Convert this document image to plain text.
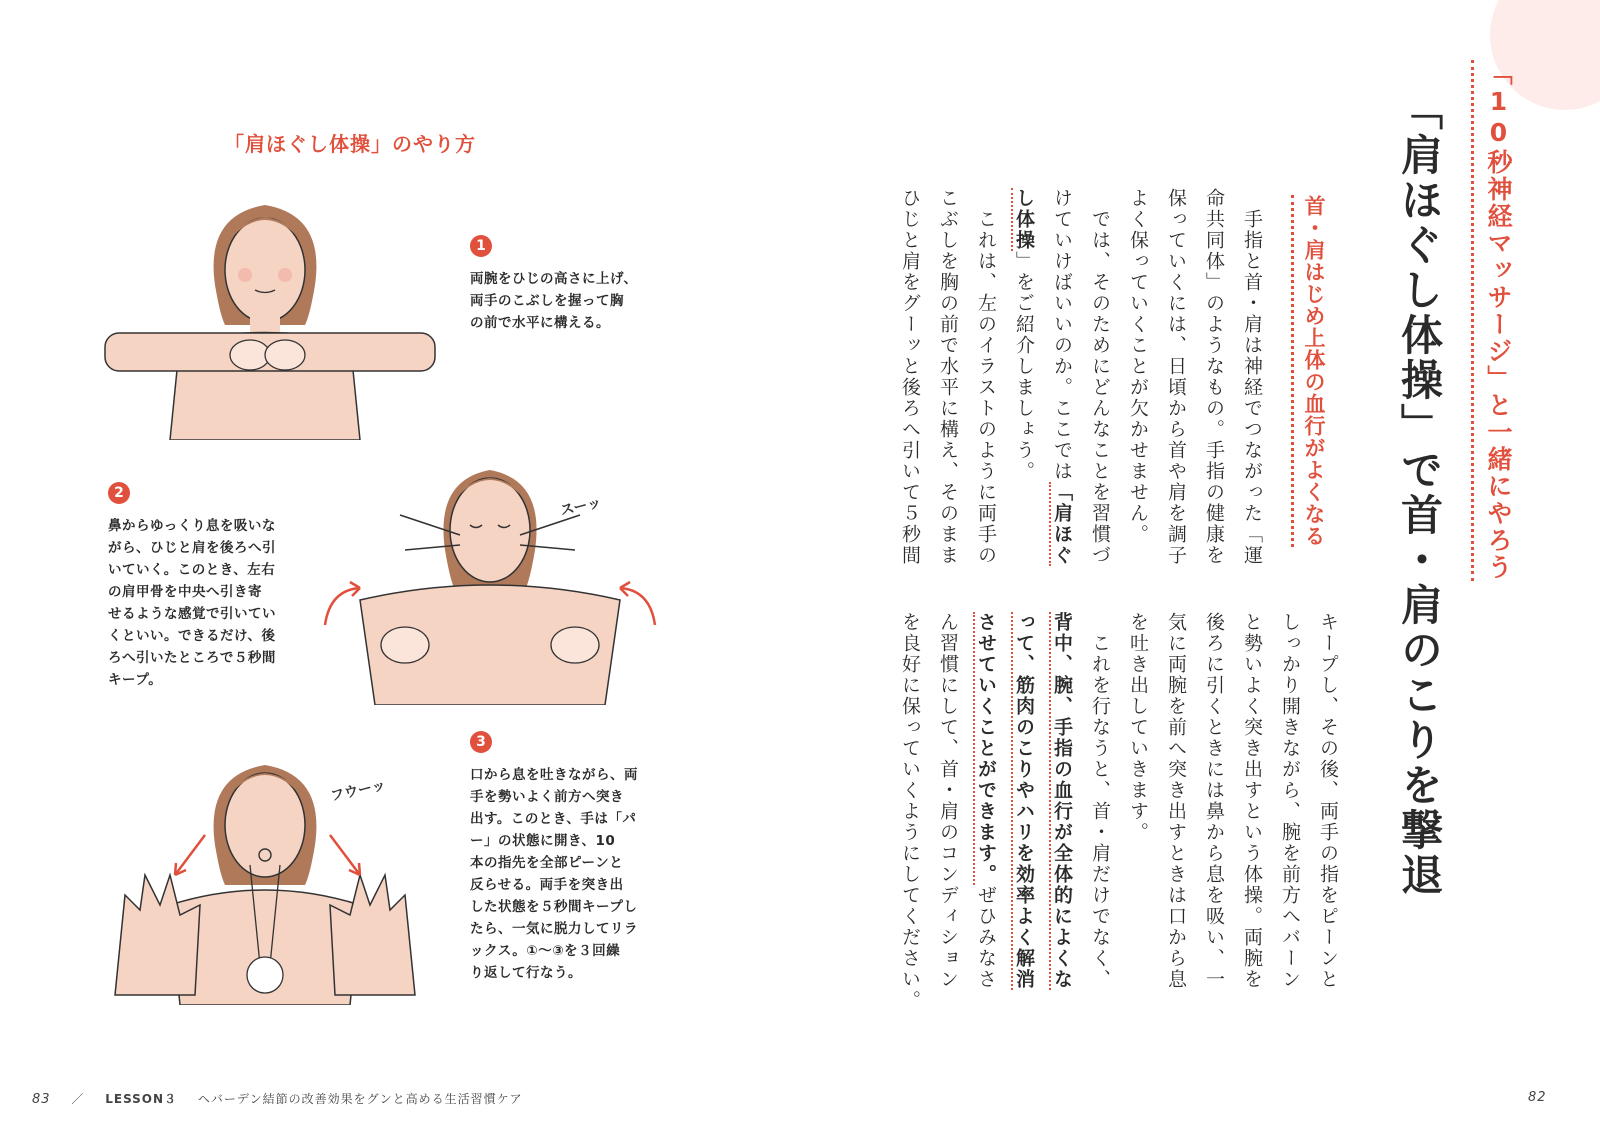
「肩ほぐし体操」のやり方
1
両腕をひじの高さに上げ、
両手のこぶしを握って胸
の前で水平に構える。
スーッ
2
鼻からゆっくり息を吸いな
がら、ひじと肩を後ろへ引
いていく。このとき、左右
の肩甲骨を中央へ引き寄
せるような感覚で引いてい
くといい。できるだけ、後
ろへ引いたところで５秒間
キープ。
フウーッ
3
口から息を吐きながら、両
手を勢いよく前方へ突き
出す。このとき、手は「パ
ー」の状態に開き、10
本の指先を全部ピーンと
反らせる。両手を突き出
した状態を５秒間キープし
たら、一気に脱力してリラ
ックス。①〜③を３回繰
り返して行なう。
83 ／ LESSON３ ヘバーデン結節の改善効果をグンと高める生活習慣ケア
「10秒神経マッサージ」と一緒にやろう
「肩ほぐし体操」で首・肩のこりを撃退
首・肩はじめ上体の血行がよくなる
　手指と首・肩は神経でつながった「運
命共同体」のようなもの。手指の健康を
保っていくには、日頃から首や肩を調子
よく保っていくことが欠かせません。
　では、そのためにどんなことを習慣づ
けていけばいいのか。ここでは「肩ほぐ
し体操」をご紹介しましょう。
　これは、左のイラストのように両手の
こぶしを胸の前で水平に構え、そのまま
ひじと肩をグーッと後ろへ引いて５秒間
キープし、その後、両手の指をピーンと
しっかり開きながら、腕を前方へバーン
と勢いよく突き出すという体操。両腕を
後ろに引くときには鼻から息を吸い、一
気に両腕を前へ突き出すときは口から息
を吐き出していきます。
　これを行なうと、首・肩だけでなく、
背中、腕、手指の血行が全体的によくな
って、筋肉のこりやハリを効率よく解消
させていくことができます。ぜひみなさ
ん習慣にして、首・肩のコンディション
を良好に保っていくようにしてください。
82
